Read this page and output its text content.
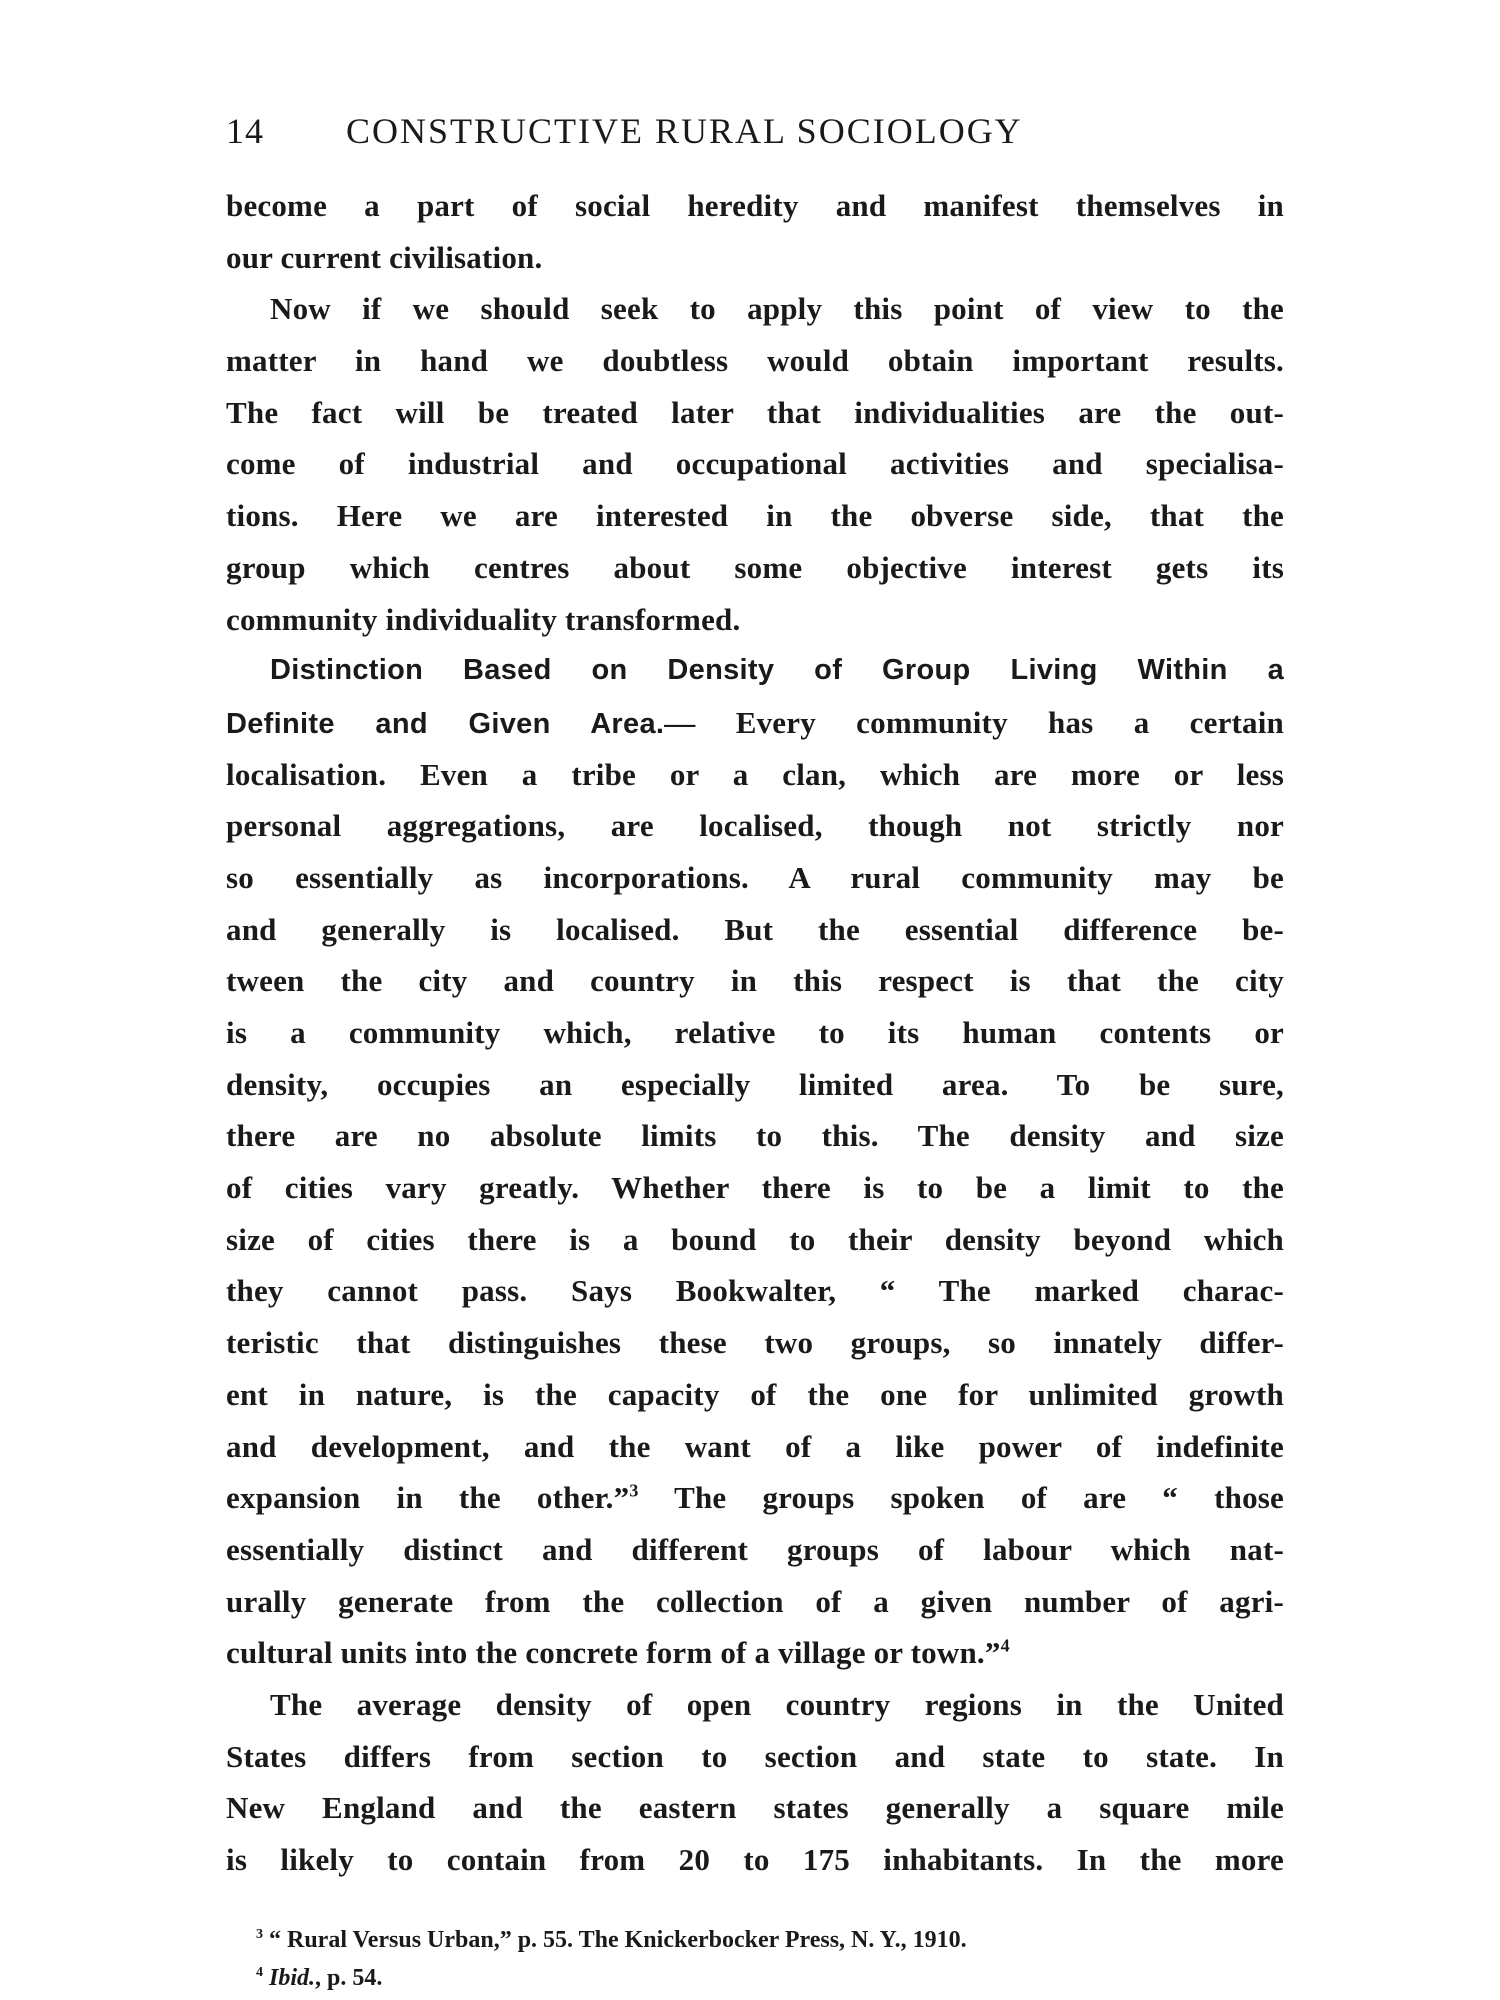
14	CONSTRUCTIVE RURAL SOCIOLOGY
become a part of social heredity and manifest themselves in
our current civilisation.
Now if we should seek to apply this point of view to the
matter in hand we doubtless would obtain important results.
The fact will be treated later that individualities are the out-
come of industrial and occupational activities and specialisa-
tions. Here we are interested in the obverse side, that the
group which centres about some objective interest gets its
community individuality transformed.
Distinction Based on Density of Group Living Within a
Definite and Given Area.— Every community has a certain
localisation. Even a tribe or a clan, which are more or less
personal aggregations, are localised, though not strictly nor
so essentially as incorporations. A rural community may be
and generally is localised. But the essential difference be-
tween the city and country in this respect is that the city
is a community which, relative to its human contents or
density, occupies an especially limited area. To be sure,
there are no absolute limits to this. The density and size
of cities vary greatly. Whether there is to be a limit to the
size of cities there is a bound to their density beyond which
they cannot pass. Says Bookwalter, “ The marked charac-
teristic that distinguishes these two groups, so innately differ-
ent in nature, is the capacity of the one for unlimited growth
and development, and the want of a like power of indefinite
expansion in the other.”$^3$ The groups spoken of are “ those
essentially distinct and different groups of labour which nat-
urally generate from the collection of a given number of agri-
cultural units into the concrete form of a village or town.”$^4$
The average density of open country regions in the United
States differs from section to section and state to state. In
New England and the eastern states generally a square mile
is likely to contain from 20 to 175 inhabitants. In the more
$^3$ “ Rural Versus Urban,” p. 55. The Knickerbocker Press, N. Y., 1910.
$^4$ Ibid., p. 54.
